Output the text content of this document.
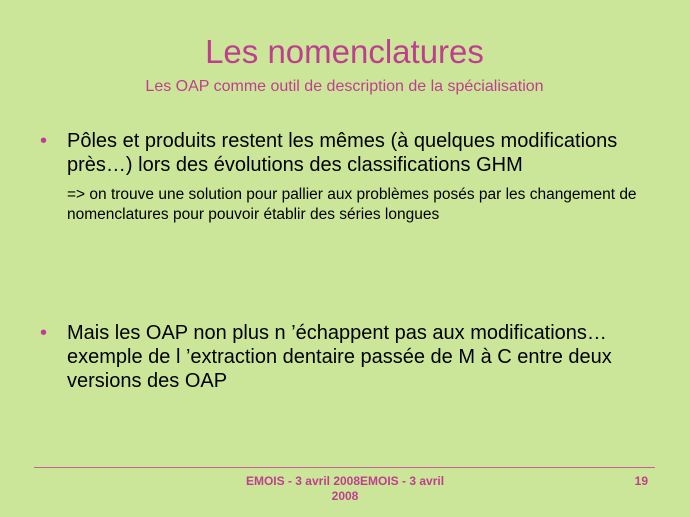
Les nomenclatures
Les OAP comme outil de description de la spécialisation
• Pôles et produits restent les mêmes (à quelques modifications près…) lors des évolutions des classifications GHM
=> on trouve une solution pour pallier aux problèmes posés par les changement de nomenclatures pour pouvoir établir des séries longues
• Mais les OAP non plus n ’échappent pas aux modifications… exemple de l ’extraction dentaire passée de M à C entre deux versions des OAP
EMOIS - 3 avril 2008EMOIS - 3 avril 2008
19
